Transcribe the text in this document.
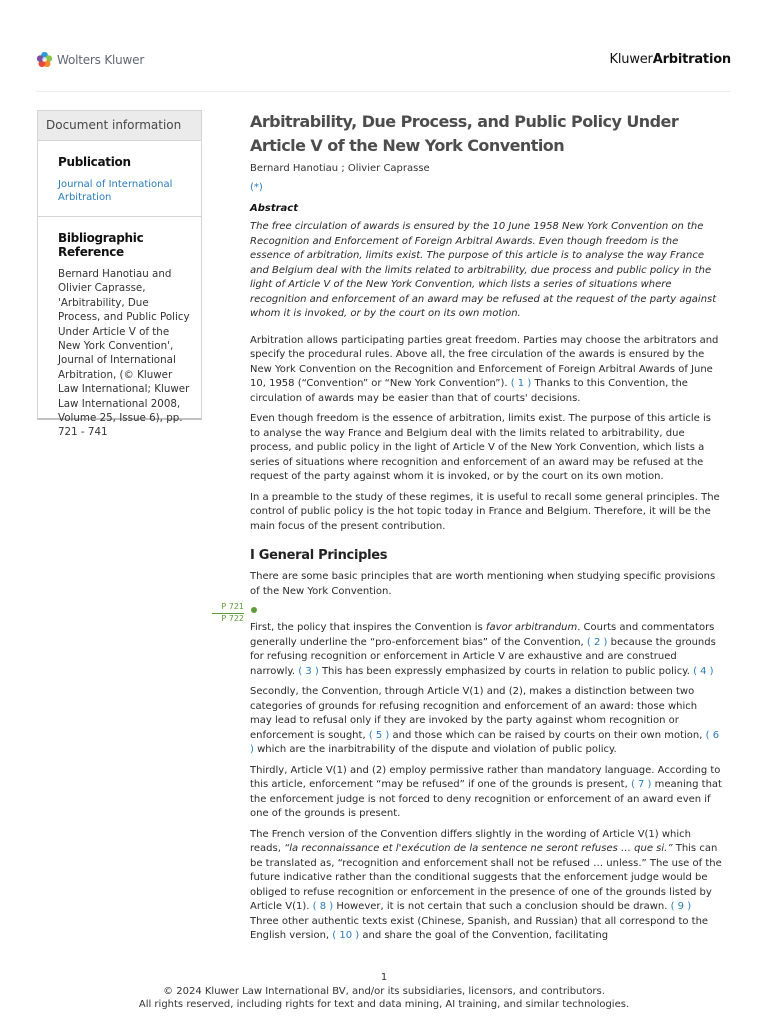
Wolters Kluwer	KluwerArbitration
Document information
Publication
Journal of International Arbitration
Bibliographic Reference
Bernard Hanotiau and Olivier Caprasse, 'Arbitrability, Due Process, and Public Policy Under Article V of the New York Convention', Journal of International Arbitration, (© Kluwer Law International; Kluwer Law International 2008, Volume 25, Issue 6), pp. 721 - 741
P 721
P 722
Arbitrability, Due Process, and Public Policy Under Article V of the New York Convention
Bernard Hanotiau ; Olivier Caprasse
(*)
Abstract

The free circulation of awards is ensured by the 10 June 1958 New York Convention on the Recognition and Enforcement of Foreign Arbitral Awards. Even though freedom is the essence of arbitration, limits exist. The purpose of this article is to analyse the way France and Belgium deal with the limits related to arbitrability, due process and public policy in the light of Article V of the New York Convention, which lists a series of situations where recognition and enforcement of an award may be refused at the request of the party against whom it is invoked, or by the court on its own motion.

Arbitration allows participating parties great freedom. Parties may choose the arbitrators and specify the procedural rules. Above all, the free circulation of the awards is ensured by the New York Convention on the Recognition and Enforcement of Foreign Arbitral Awards of June 10, 1958 (“Convention” or “New York Convention”). ( 1 ) Thanks to this Convention, the circulation of awards may be easier than that of courts' decisions.

Even though freedom is the essence of arbitration, limits exist. The purpose of this article is to analyse the way France and Belgium deal with the limits related to arbitrability, due process, and public policy in the light of Article V of the New York Convention, which lists a series of situations where recognition and enforcement of an award may be refused at the request of the party against whom it is invoked, or by the court on its own motion.

In a preamble to the study of these regimes, it is useful to recall some general principles. The control of public policy is the hot topic today in France and Belgium. Therefore, it will be the main focus of the present contribution.

I General Principles

There are some basic principles that are worth mentioning when studying specific provisions of the New York Convention.

First, the policy that inspires the Convention is favor arbitrandum. Courts and commentators generally underline the “pro-enforcement bias” of the Convention, ( 2 ) because the grounds for refusing recognition or enforcement in Article V are exhaustive and are construed narrowly. ( 3 ) This has been expressly emphasized by courts in relation to public policy. ( 4 )

Secondly, the Convention, through Article V(1) and (2), makes a distinction between two categories of grounds for refusing recognition and enforcement of an award: those which may lead to refusal only if they are invoked by the party against whom recognition or enforcement is sought, ( 5 ) and those which can be raised by courts on their own motion, ( 6 ) which are the inarbitrability of the dispute and violation of public policy.

Thirdly, Article V(1) and (2) employ permissive rather than mandatory language. According to this article, enforcement “may be refused” if one of the grounds is present, ( 7 ) meaning that the enforcement judge is not forced to deny recognition or enforcement of an award even if one of the grounds is present.

The French version of the Convention differs slightly in the wording of Article V(1) which reads, “la reconnaissance et l'exécution de la sentence ne seront refuses … que si.” This can be translated as, “recognition and enforcement shall not be refused … unless.” The use of the future indicative rather than the conditional suggests that the enforcement judge would be obliged to refuse recognition or enforcement in the presence of one of the grounds listed by Article V(1). ( 8 ) However, it is not certain that such a conclusion should be drawn. ( 9 ) Three other authentic texts exist (Chinese, Spanish, and Russian) that all correspond to the English version, ( 10 ) and share the goal of the Convention, facilitating

1
© 2024 Kluwer Law International BV, and/or its subsidiaries, licensors, and contributors.
All rights reserved, including rights for text and data mining, AI training, and similar technologies.
